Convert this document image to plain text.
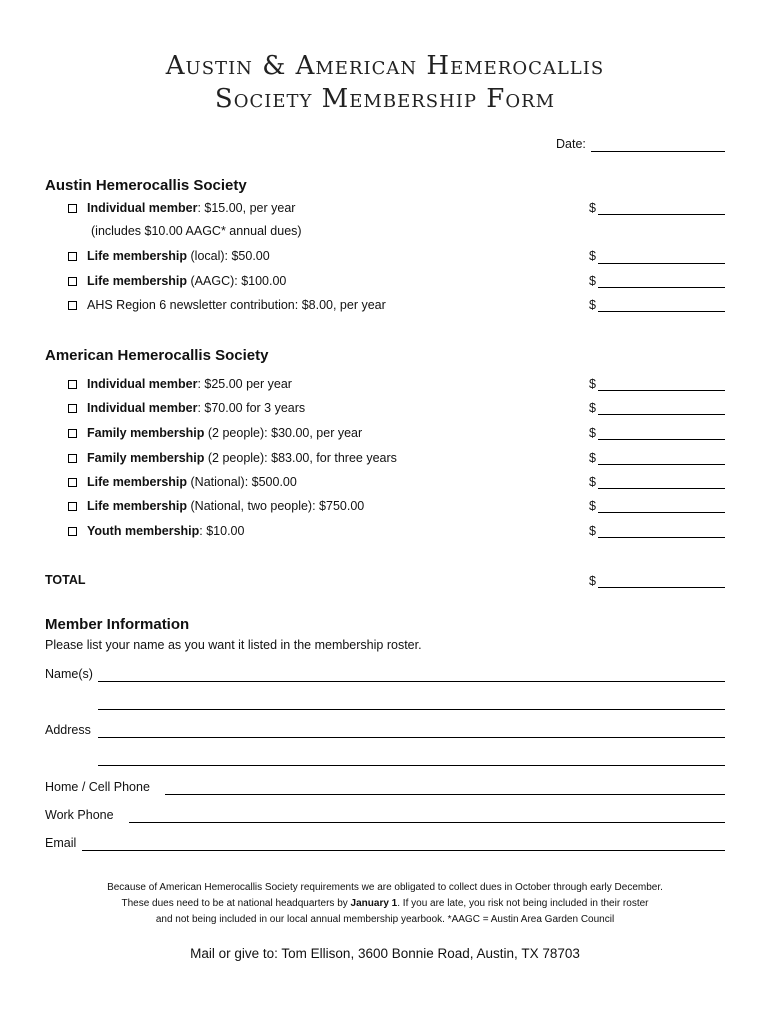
Austin & American Hemerocallis
Society Membership Form
Date:
Austin Hemerocallis Society
Individual member: $15.00, per year	$
(includes $10.00 AAGC* annual dues)
Life membership (local): $50.00	$
Life membership (AAGC): $100.00	$
AHS Region 6 newsletter contribution: $8.00, per year	$
American Hemerocallis Society
Individual member: $25.00 per year	$
Individual member: $70.00 for 3 years	$
Family membership (2 people): $30.00, per year	$
Family membership (2 people): $83.00, for three years	$
Life membership (National): $500.00	$
Life membership (National, two people): $750.00	$
Youth membership: $10.00	$
TOTAL	$
Member Information
Please list your name as you want it listed in the membership roster.
Name(s)
Address
Home / Cell Phone
Work Phone
Email
Because of American Hemerocallis Society requirements we are obligated to collect dues in October through early December.
These dues need to be at national headquarters by January 1. If you are late, you risk not being included in their roster
and not being included in our local annual membership yearbook. *AAGC = Austin Area Garden Council
Mail or give to: Tom Ellison, 3600 Bonnie Road, Austin, TX 78703
